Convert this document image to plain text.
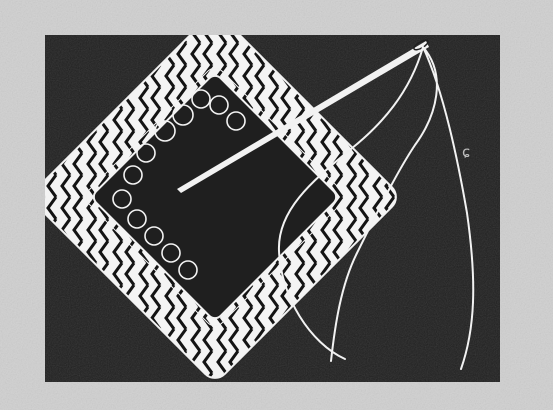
ɕ
